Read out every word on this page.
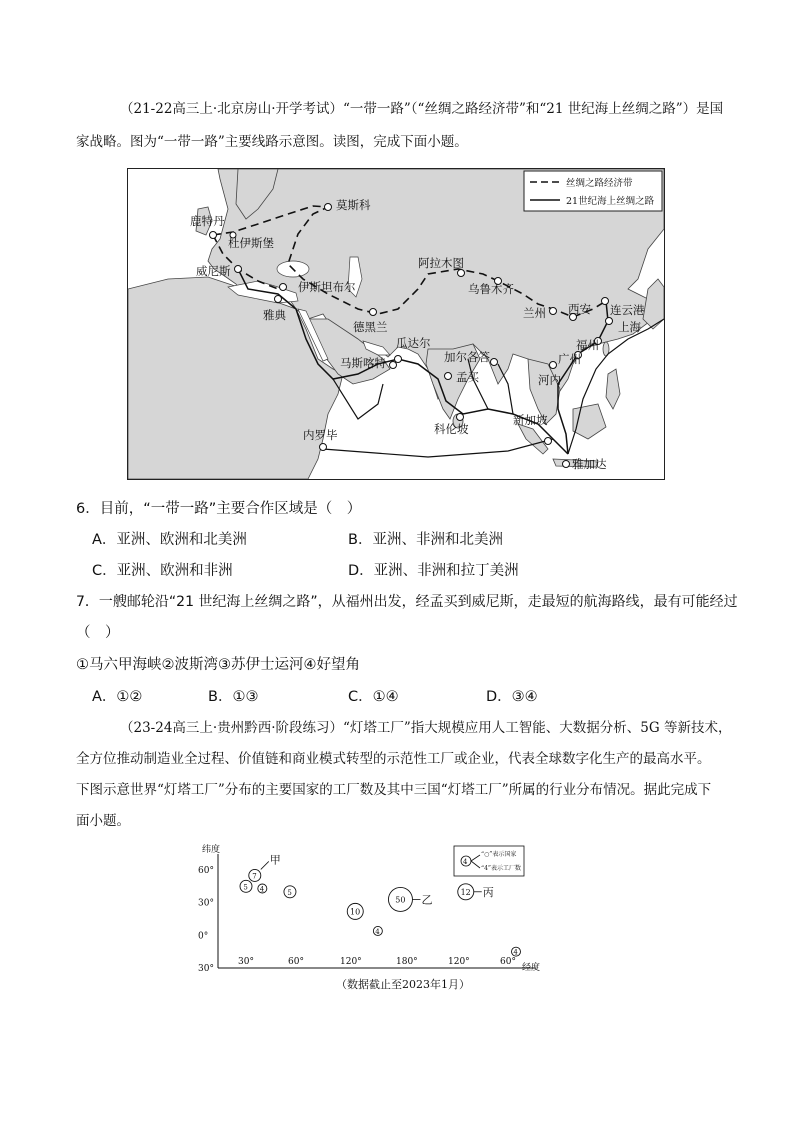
（21-22高三上·北京房山·开学考试）“一带一路”（“丝绸之路经济带”和“21 世纪海上丝绸之路”）是国
家战略。图为“一带一路”主要线路示意图。读图，完成下面小题。
丝绸之路经济带
21世纪海上丝绸之路
鹿特丹
杜伊斯堡
莫斯科
威尼斯
伊斯坦布尔
雅典
德黑兰
阿拉木图
乌鲁木齐
兰州 西安 连云港
上海
福州
广州
河内
瓜达尔
马斯喀特	加尔各答
孟买
科伦坡
内罗毕
新加坡
雅加达
6．目前，“一带一路”主要合作区域是（　）
A．亚洲、欧洲和北美洲	B．亚洲、非洲和北美洲
C．亚洲、欧洲和非洲	D．亚洲、非洲和拉丁美洲
7．一艘邮轮沿“21 世纪海上丝绸之路”，从福州出发，经孟买到威尼斯，走最短的航海路线，最有可能经过
（　）
①马六甲海峡②波斯湾③苏伊士运河④好望角
A．①②	B．①③	C．①④	D．③④
（23-24高三上·贵州黔西·阶段练习）“灯塔工厂”指大规模应用人工智能、大数据分析、5G 等新技术，
全方位推动制造业全过程、价值链和商业模式转型的示范性工厂或企业，代表全球数字化生产的最高水平。
下图示意世界“灯塔工厂”分布的主要国家的工厂数及其中三国“灯塔工厂”所属的行业分布情况。据此完成下
面小题。
纬度
经度
4
“○”表示国家
“4”表示工厂数
60°
30°
0°
30°
30°	60°	120°	180°	120°	60°
7
甲
5 4	5
10
50 乙
4
12 丙
4
（数据截止至2023年1月）
